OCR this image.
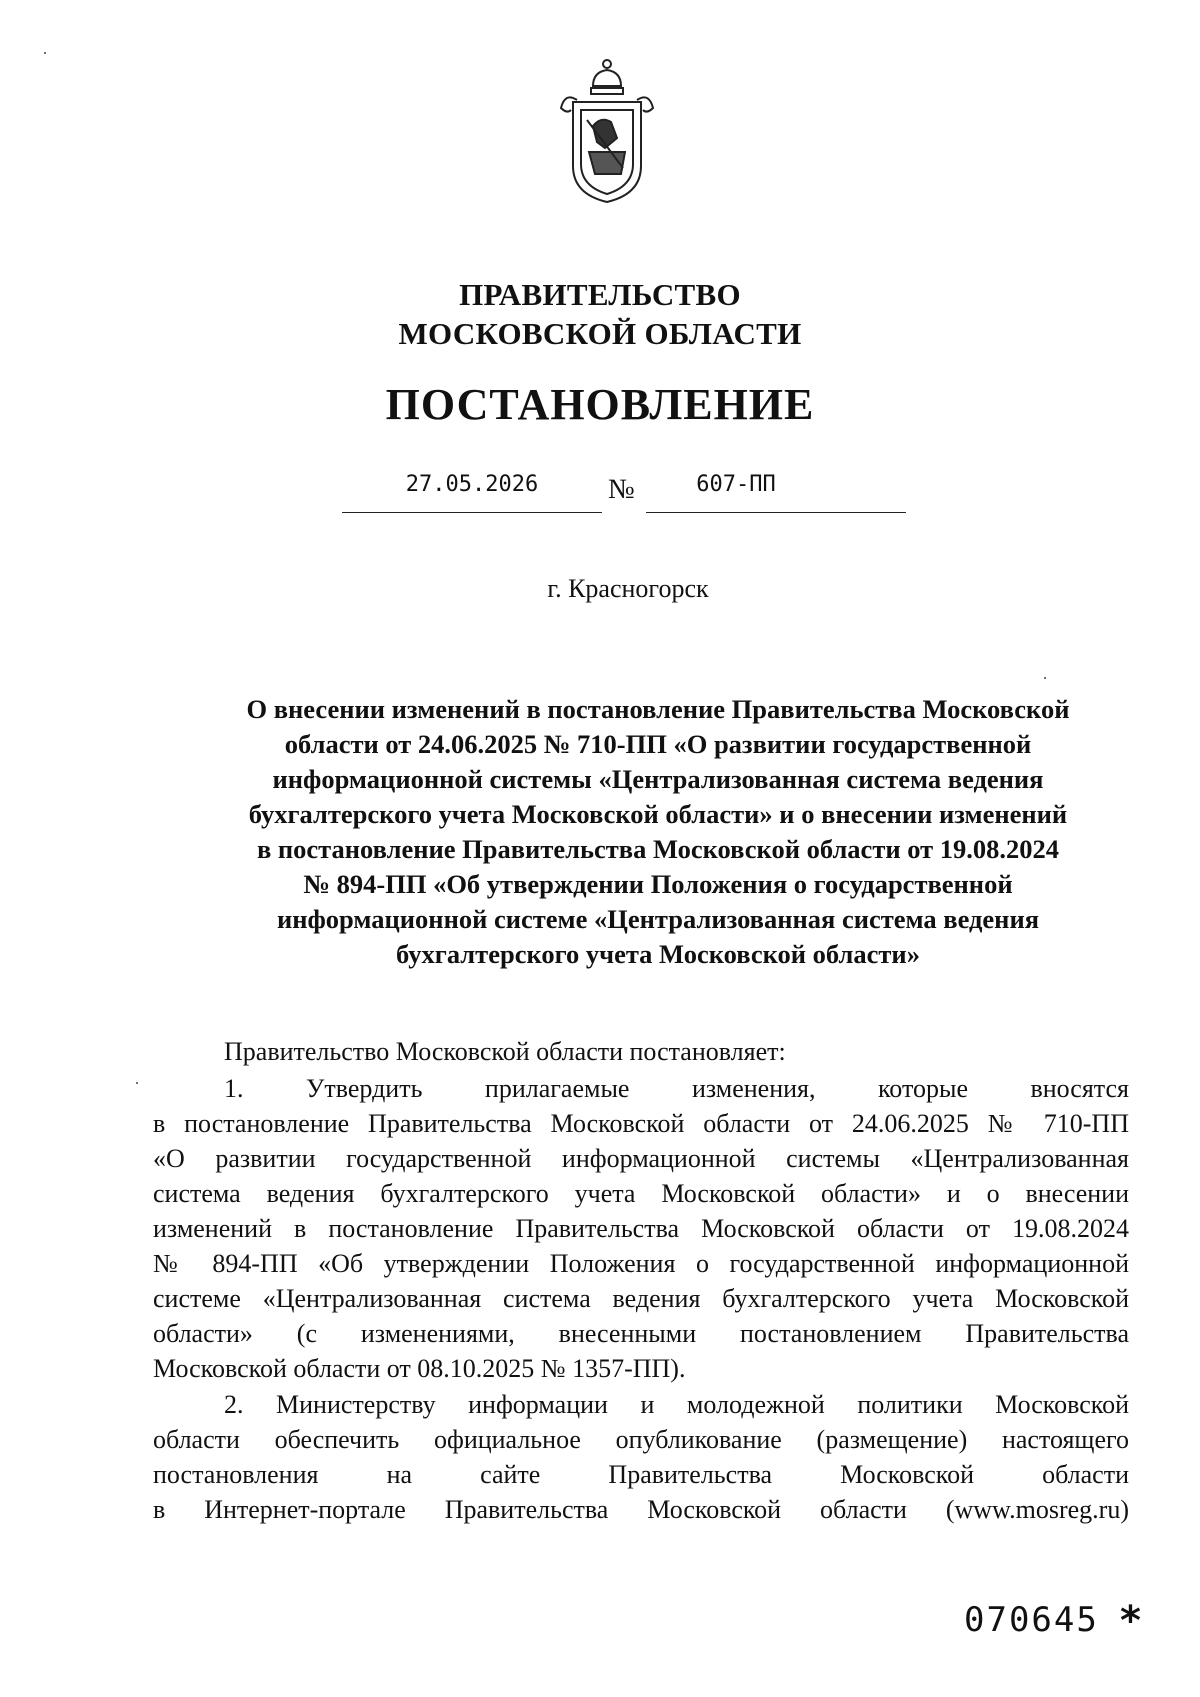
ПРАВИТЕЛЬСТВО
МОСКОВСКОЙ ОБЛАСТИ
ПОСТАНОВЛЕНИЕ
27.05.2026	№	607-ПП
г. Красногорск
О внесении изменений в постановление Правительства Московской
области от 24.06.2025 № 710-ПП «О развитии государственной
информационной системы «Централизованная система ведения
бухгалтерского учета Московской области» и о внесении изменений
в постановление Правительства Московской области от 19.08.2024
№ 894-ПП «Об утверждении Положения о государственной
информационной системе «Централизованная система ведения
бухгалтерского учета Московской области»
Правительство Московской области постановляет:
1. Утвердить прилагаемые изменения, которые вносятся
в постановление Правительства Московской области от 24.06.2025 № 710-ПП
«О развитии государственной информационной системы «Централизованная
система ведения бухгалтерского учета Московской области» и о внесении
изменений в постановление Правительства Московской области от 19.08.2024
№ 894-ПП «Об утверждении Положения о государственной информационной
системе «Централизованная система ведения бухгалтерского учета Московской
области» (с изменениями, внесенными постановлением Правительства
Московской области от 08.10.2025 № 1357-ПП).
2. Министерству информации и молодежной политики Московской
области обеспечить официальное опубликование (размещение) настоящего
постановления на сайте Правительства Московской области
в Интернет-портале Правительства Московской области (www.mosreg.ru)
070645 *
